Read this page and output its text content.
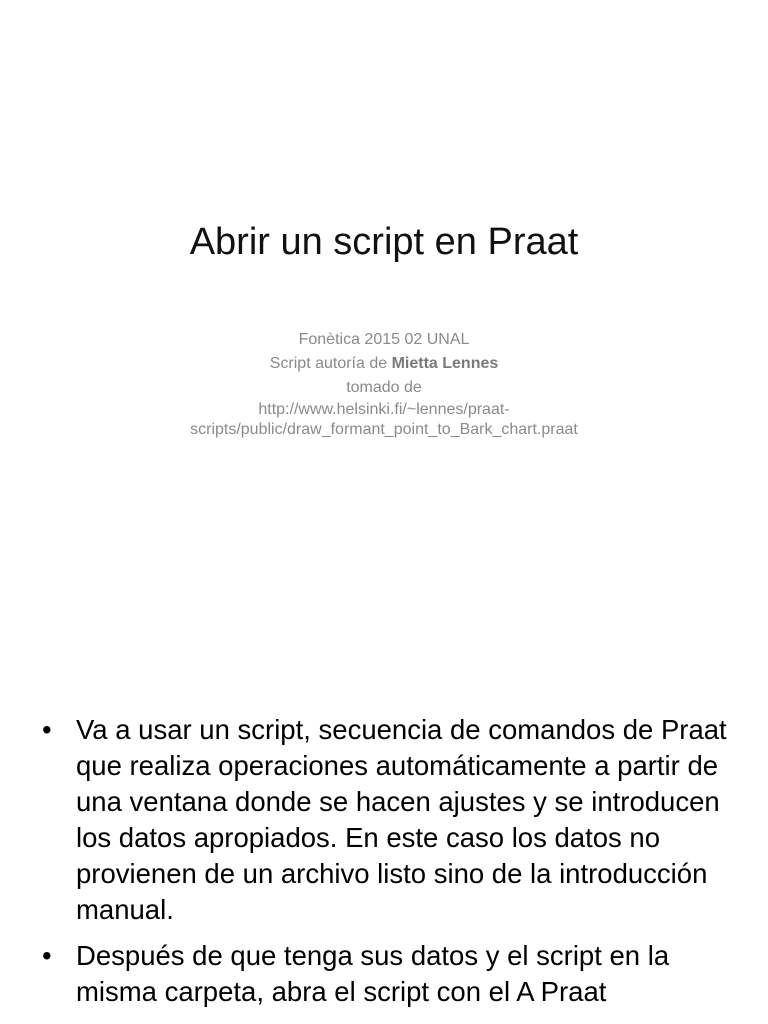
Abrir un script en Praat
Fonètica 2015 02 UNAL
Script autoría de Mietta Lennes
tomado de
http://www.helsinki.fi/~lennes/praat-
scripts/public/draw_formant_point_to_Bark_chart.praat
• Va a usar un script, secuencia de comandos de Praat que realiza operaciones automáticamente a partir de una ventana donde se hacen ajustes y se introducen los datos apropiados. En este caso los datos no provienen de un archivo listo sino de la introducción manual.
• Después de que tenga sus datos y el script en la misma carpeta, abra el script con el A Praat
